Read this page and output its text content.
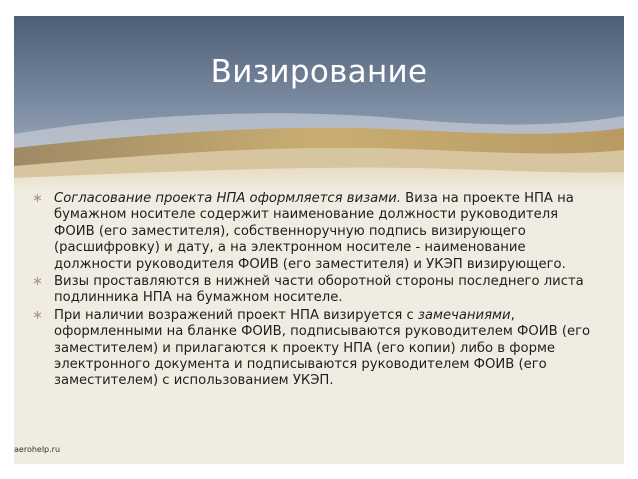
Визирование
∗ Согласование проекта НПА оформляется визами. Виза на проекте НПА на бумажном носителе содержит наименование должности руководителя ФОИВ (его заместителя), собственноручную подпись визирующего (расшифровку) и дату, а на электронном носителе - наименование должности руководителя ФОИВ (его заместителя) и УКЭП визирующего.
∗ Визы проставляются в нижней части оборотной стороны последнего листа подлинника НПА на бумажном носителе.
∗ При наличии возражений проект НПА визируется с замечаниями, оформленными на бланке ФОИВ, подписываются руководителем ФОИВ (его заместителем) и прилагаются к проекту НПА (его копии) либо в форме электронного документа и подписываются руководителем ФОИВ (его заместителем) с использованием УКЭП.
aerohelp.ru
